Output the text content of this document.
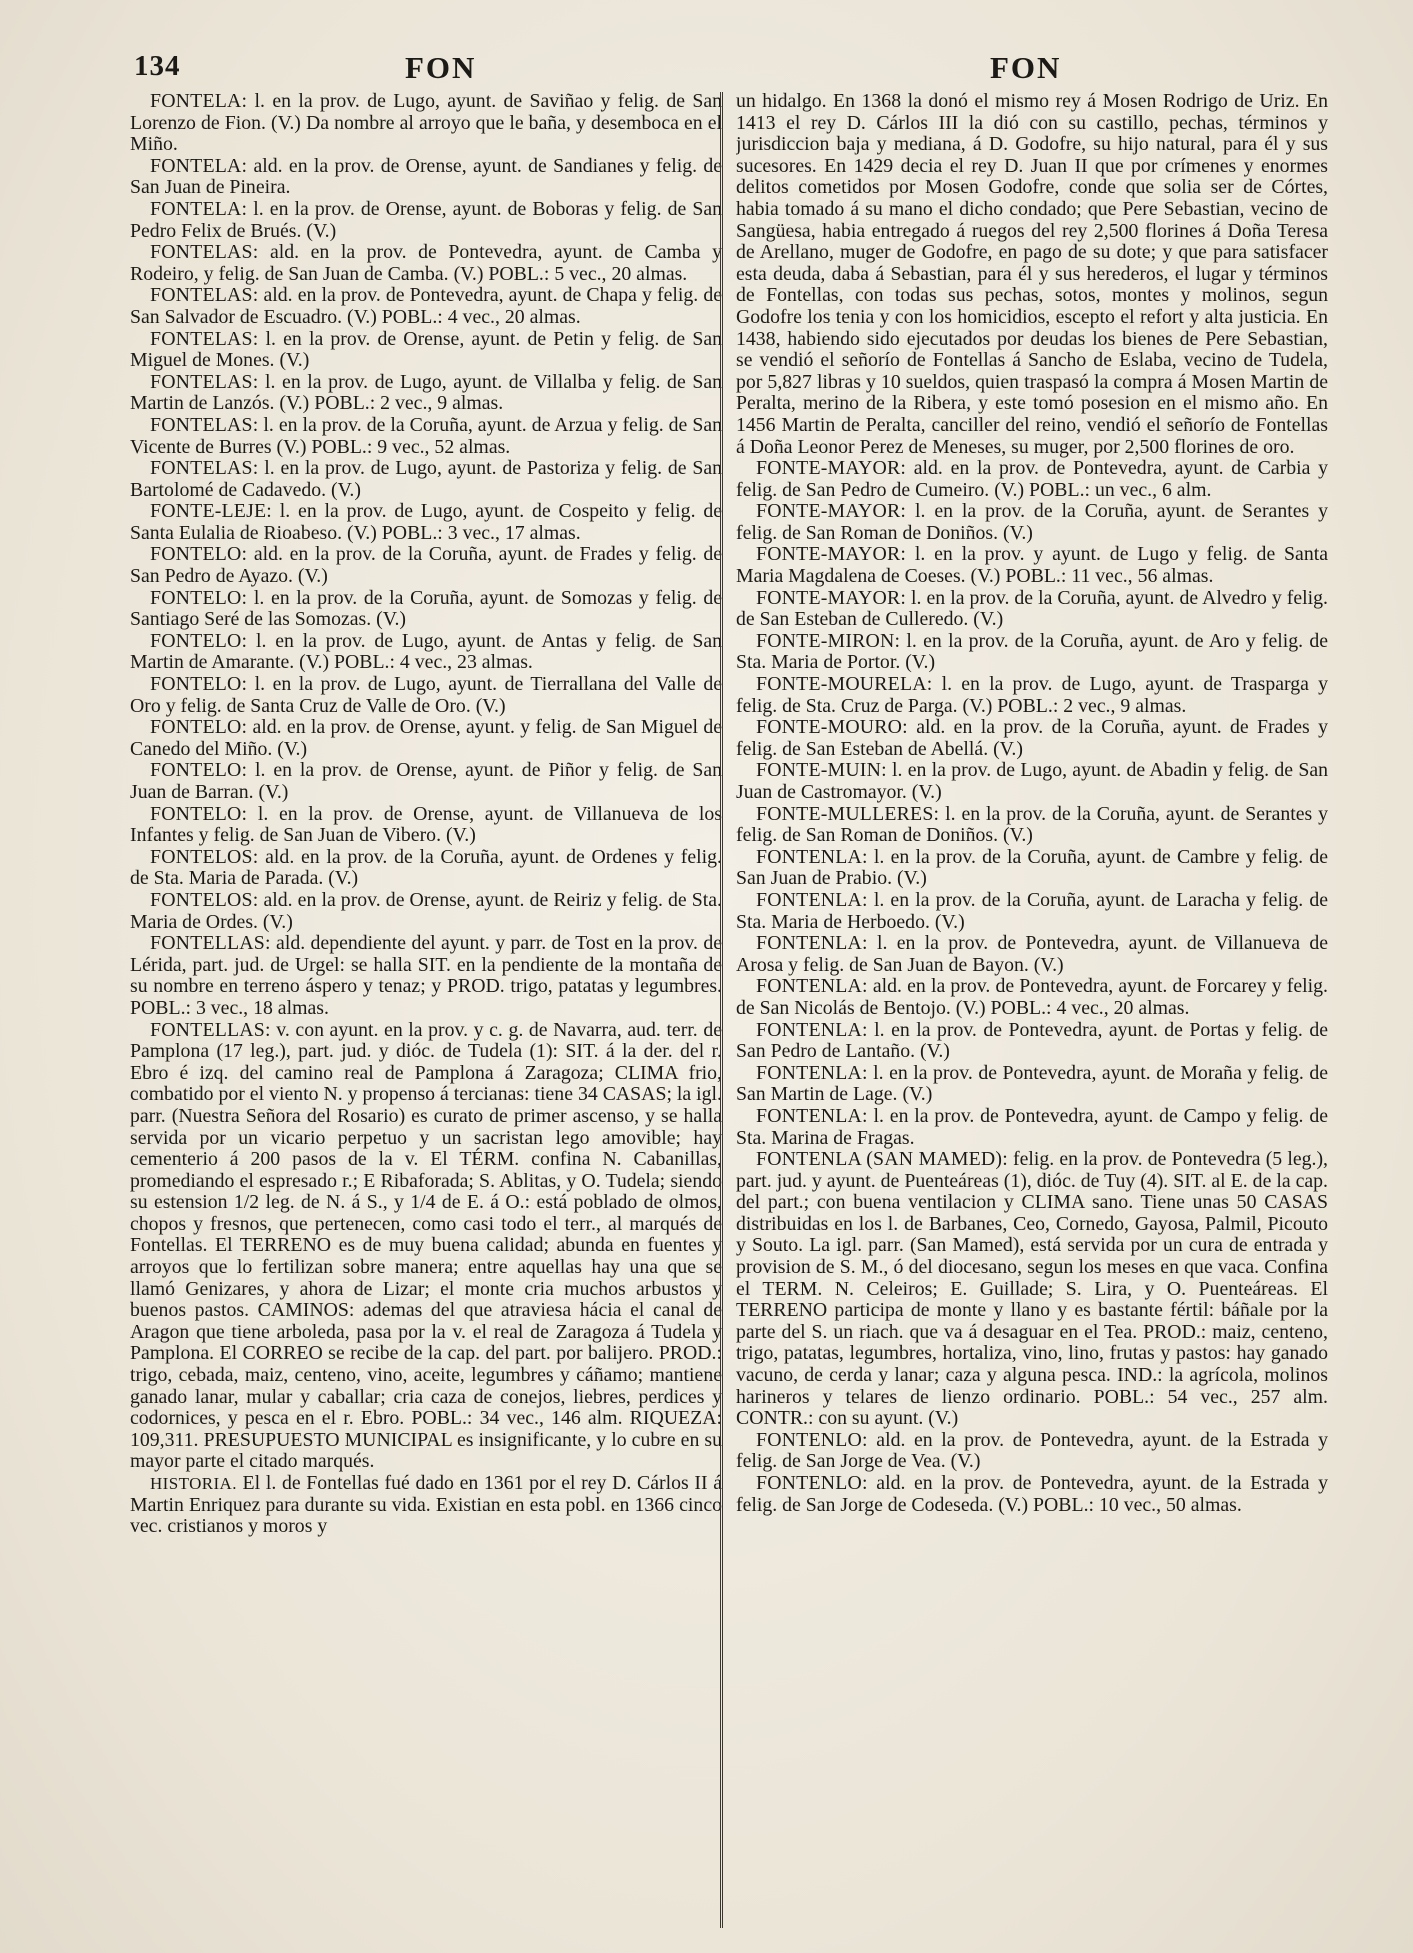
134	FON	FON

FONTELA: l. en la prov. de Lugo, ayunt. de Saviñao y felig. de San Lorenzo de Fion. (V.) Da nombre al arroyo que le baña, y desemboca en el Miño.

FONTELA: ald. en la prov. de Orense, ayunt. de Sandianes y felig. de San Juan de Pineira.

FONTELA: l. en la prov. de Orense, ayunt. de Boboras y felig. de San Pedro Felix de Brués. (V.)

FONTELAS: ald. en la prov. de Pontevedra, ayunt. de Camba y Rodeiro, y felig. de San Juan de Camba. (V.) POBL.: 5 vec., 20 almas.

FONTELAS: ald. en la prov. de Pontevedra, ayunt. de Chapa y felig. de San Salvador de Escuadro. (V.) POBL.: 4 vec., 20 almas.

FONTELAS: l. en la prov. de Orense, ayunt. de Petin y felig. de San Miguel de Mones. (V.)

FONTELAS: l. en la prov. de Lugo, ayunt. de Villalba y felig. de San Martin de Lanzós. (V.) POBL.: 2 vec., 9 almas.

FONTELAS: l. en la prov. de la Coruña, ayunt. de Arzua y felig. de San Vicente de Burres (V.) POBL.: 9 vec., 52 almas.

FONTELAS: l. en la prov. de Lugo, ayunt. de Pastoriza y felig. de San Bartolomé de Cadavedo. (V.)

FONTE-LEJE: l. en la prov. de Lugo, ayunt. de Cospeito y felig. de Santa Eulalia de Rioabeso. (V.) POBL.: 3 vec., 17 almas.

FONTELO: ald. en la prov. de la Coruña, ayunt. de Frades y felig. de San Pedro de Ayazo. (V.)

FONTELO: l. en la prov. de la Coruña, ayunt. de Somozas y felig. de Santiago Seré de las Somozas. (V.)

FONTELO: l. en la prov. de Lugo, ayunt. de Antas y felig. de San Martin de Amarante. (V.) POBL.: 4 vec., 23 almas.

FONTELO: l. en la prov. de Lugo, ayunt. de Tierrallana del Valle de Oro y felig. de Santa Cruz de Valle de Oro. (V.)

FONTELO: ald. en la prov. de Orense, ayunt. y felig. de San Miguel de Canedo del Miño. (V.)

FONTELO: l. en la prov. de Orense, ayunt. de Piñor y felig. de San Juan de Barran. (V.)

FONTELO: l. en la prov. de Orense, ayunt. de Villanueva de los Infantes y felig. de San Juan de Vibero. (V.)

FONTELOS: ald. en la prov. de la Coruña, ayunt. de Ordenes y felig. de Sta. Maria de Parada. (V.)

FONTELOS: ald. en la prov. de Orense, ayunt. de Reiriz y felig. de Sta. Maria de Ordes. (V.)

FONTELLAS: ald. dependiente del ayunt. y parr. de Tost en la prov. de Lérida, part. jud. de Urgel: se halla SIT. en la pendiente de la montaña de su nombre en terreno áspero y tenaz; y PROD. trigo, patatas y legumbres. POBL.: 3 vec., 18 almas.

FONTELLAS: v. con ayunt. en la prov. y c. g. de Navarra, aud. terr. de Pamplona (17 leg.), part. jud. y dióc. de Tudela (1): SIT. á la der. del r. Ebro é izq. del camino real de Pamplona á Zaragoza; CLIMA frio, combatido por el viento N. y propenso á tercianas: tiene 34 CASAS; la igl. parr. (Nuestra Señora del Rosario) es curato de primer ascenso, y se halla servida por un vicario perpetuo y un sacristan lego amovible; hay cementerio á 200 pasos de la v. El TÉRM. confina N. Cabanillas, promediando el espresado r.; E Ribaforada; S. Ablitas, y O. Tudela; siendo su estension 1/2 leg. de N. á S., y 1/4 de E. á O.: está poblado de olmos, chopos y fresnos, que pertenecen, como casi todo el terr., al marqués de Fontellas. El TERRENO es de muy buena calidad; abunda en fuentes y arroyos que lo fertilizan sobre manera; entre aquellas hay una que se llamó Genizares, y ahora de Lizar; el monte cria muchos arbustos y buenos pastos. CAMINOS: ademas del que atraviesa hácia el canal de Aragon que tiene arboleda, pasa por la v. el real de Zaragoza á Tudela y Pamplona. El CORREO se recibe de la cap. del part. por balijero. PROD.: trigo, cebada, maiz, centeno, vino, aceite, legumbres y cáñamo; mantiene ganado lanar, mular y caballar; cria caza de conejos, liebres, perdices y codornices, y pesca en el r. Ebro. POBL.: 34 vec., 146 alm. RIQUEZA: 109,311. PRESUPUESTO MUNICIPAL es insignificante, y lo cubre en su mayor parte el citado marqués.

HISTORIA. El l. de Fontellas fué dado en 1361 por el rey D. Cárlos II á Martin Enriquez para durante su vida. Existian en esta pobl. en 1366 cinco vec. cristianos y moros y

un hidalgo. En 1368 la donó el mismo rey á Mosen Rodrigo de Uriz. En 1413 el rey D. Cárlos III la dió con su castillo, pechas, términos y jurisdiccion baja y mediana, á D. Godofre, su hijo natural, para él y sus sucesores. En 1429 decia el rey D. Juan II que por crímenes y enormes delitos cometidos por Mosen Godofre, conde que solia ser de Córtes, habia tomado á su mano el dicho condado; que Pere Sebastian, vecino de Sangüesa, habia entregado á ruegos del rey 2,500 florines á Doña Teresa de Arellano, muger de Godofre, en pago de su dote; y que para satisfacer esta deuda, daba á Sebastian, para él y sus herederos, el lugar y términos de Fontellas, con todas sus pechas, sotos, montes y molinos, segun Godofre los tenia y con los homicidios, escepto el refort y alta justicia. En 1438, habiendo sido ejecutados por deudas los bienes de Pere Sebastian, se vendió el señorío de Fontellas á Sancho de Eslaba, vecino de Tudela, por 5,827 libras y 10 sueldos, quien traspasó la compra á Mosen Martin de Peralta, merino de la Ribera, y este tomó posesion en el mismo año. En 1456 Martin de Peralta, canciller del reino, vendió el señorío de Fontellas á Doña Leonor Perez de Meneses, su muger, por 2,500 florines de oro.

FONTE-MAYOR: ald. en la prov. de Pontevedra, ayunt. de Carbia y felig. de San Pedro de Cumeiro. (V.) POBL.: un vec., 6 alm.

FONTE-MAYOR: l. en la prov. de la Coruña, ayunt. de Serantes y felig. de San Roman de Doniños. (V.)

FONTE-MAYOR: l. en la prov. y ayunt. de Lugo y felig. de Santa Maria Magdalena de Coeses. (V.) POBL.: 11 vec., 56 almas.

FONTE-MAYOR: l. en la prov. de la Coruña, ayunt. de Alvedro y felig. de San Esteban de Culleredo. (V.)

FONTE-MIRON: l. en la prov. de la Coruña, ayunt. de Aro y felig. de Sta. Maria de Portor. (V.)

FONTE-MOURELA: l. en la prov. de Lugo, ayunt. de Trasparga y felig. de Sta. Cruz de Parga. (V.) POBL.: 2 vec., 9 almas.

FONTE-MOURO: ald. en la prov. de la Coruña, ayunt. de Frades y felig. de San Esteban de Abellá. (V.)

FONTE-MUIN: l. en la prov. de Lugo, ayunt. de Abadin y felig. de San Juan de Castromayor. (V.)

FONTE-MULLERES: l. en la prov. de la Coruña, ayunt. de Serantes y felig. de San Roman de Doniños. (V.)

FONTENLA: l. en la prov. de la Coruña, ayunt. de Cambre y felig. de San Juan de Prabio. (V.)

FONTENLA: l. en la prov. de la Coruña, ayunt. de Laracha y felig. de Sta. Maria de Herboedo. (V.)

FONTENLA: l. en la prov. de Pontevedra, ayunt. de Villanueva de Arosa y felig. de San Juan de Bayon. (V.)

FONTENLA: ald. en la prov. de Pontevedra, ayunt. de Forcarey y felig. de San Nicolás de Bentojo. (V.) POBL.: 4 vec., 20 almas.

FONTENLA: l. en la prov. de Pontevedra, ayunt. de Portas y felig. de San Pedro de Lantaño. (V.)

FONTENLA: l. en la prov. de Pontevedra, ayunt. de Moraña y felig. de San Martin de Lage. (V.)

FONTENLA: l. en la prov. de Pontevedra, ayunt. de Campo y felig. de Sta. Marina de Fragas.

FONTENLA (SAN MAMED): felig. en la prov. de Pontevedra (5 leg.), part. jud. y ayunt. de Puenteáreas (1), dióc. de Tuy (4). SIT. al E. de la cap. del part.; con buena ventilacion y CLIMA sano. Tiene unas 50 CASAS distribuidas en los l. de Barbanes, Ceo, Cornedo, Gayosa, Palmil, Picouto y Souto. La igl. parr. (San Mamed), está servida por un cura de entrada y provision de S. M., ó del diocesano, segun los meses en que vaca. Confina el TERM. N. Celeiros; E. Guillade; S. Lira, y O. Puenteáreas. El TERRENO participa de monte y llano y es bastante fértil: báñale por la parte del S. un riach. que va á desaguar en el Tea. PROD.: maiz, centeno, trigo, patatas, legumbres, hortaliza, vino, lino, frutas y pastos: hay ganado vacuno, de cerda y lanar; caza y alguna pesca. IND.: la agrícola, molinos harineros y telares de lienzo ordinario. POBL.: 54 vec., 257 alm. CONTR.: con su ayunt. (V.)

FONTENLO: ald. en la prov. de Pontevedra, ayunt. de la Estrada y felig. de San Jorge de Vea. (V.)

FONTENLO: ald. en la prov. de Pontevedra, ayunt. de la Estrada y felig. de San Jorge de Codeseda. (V.) POBL.: 10 vec., 50 almas.
